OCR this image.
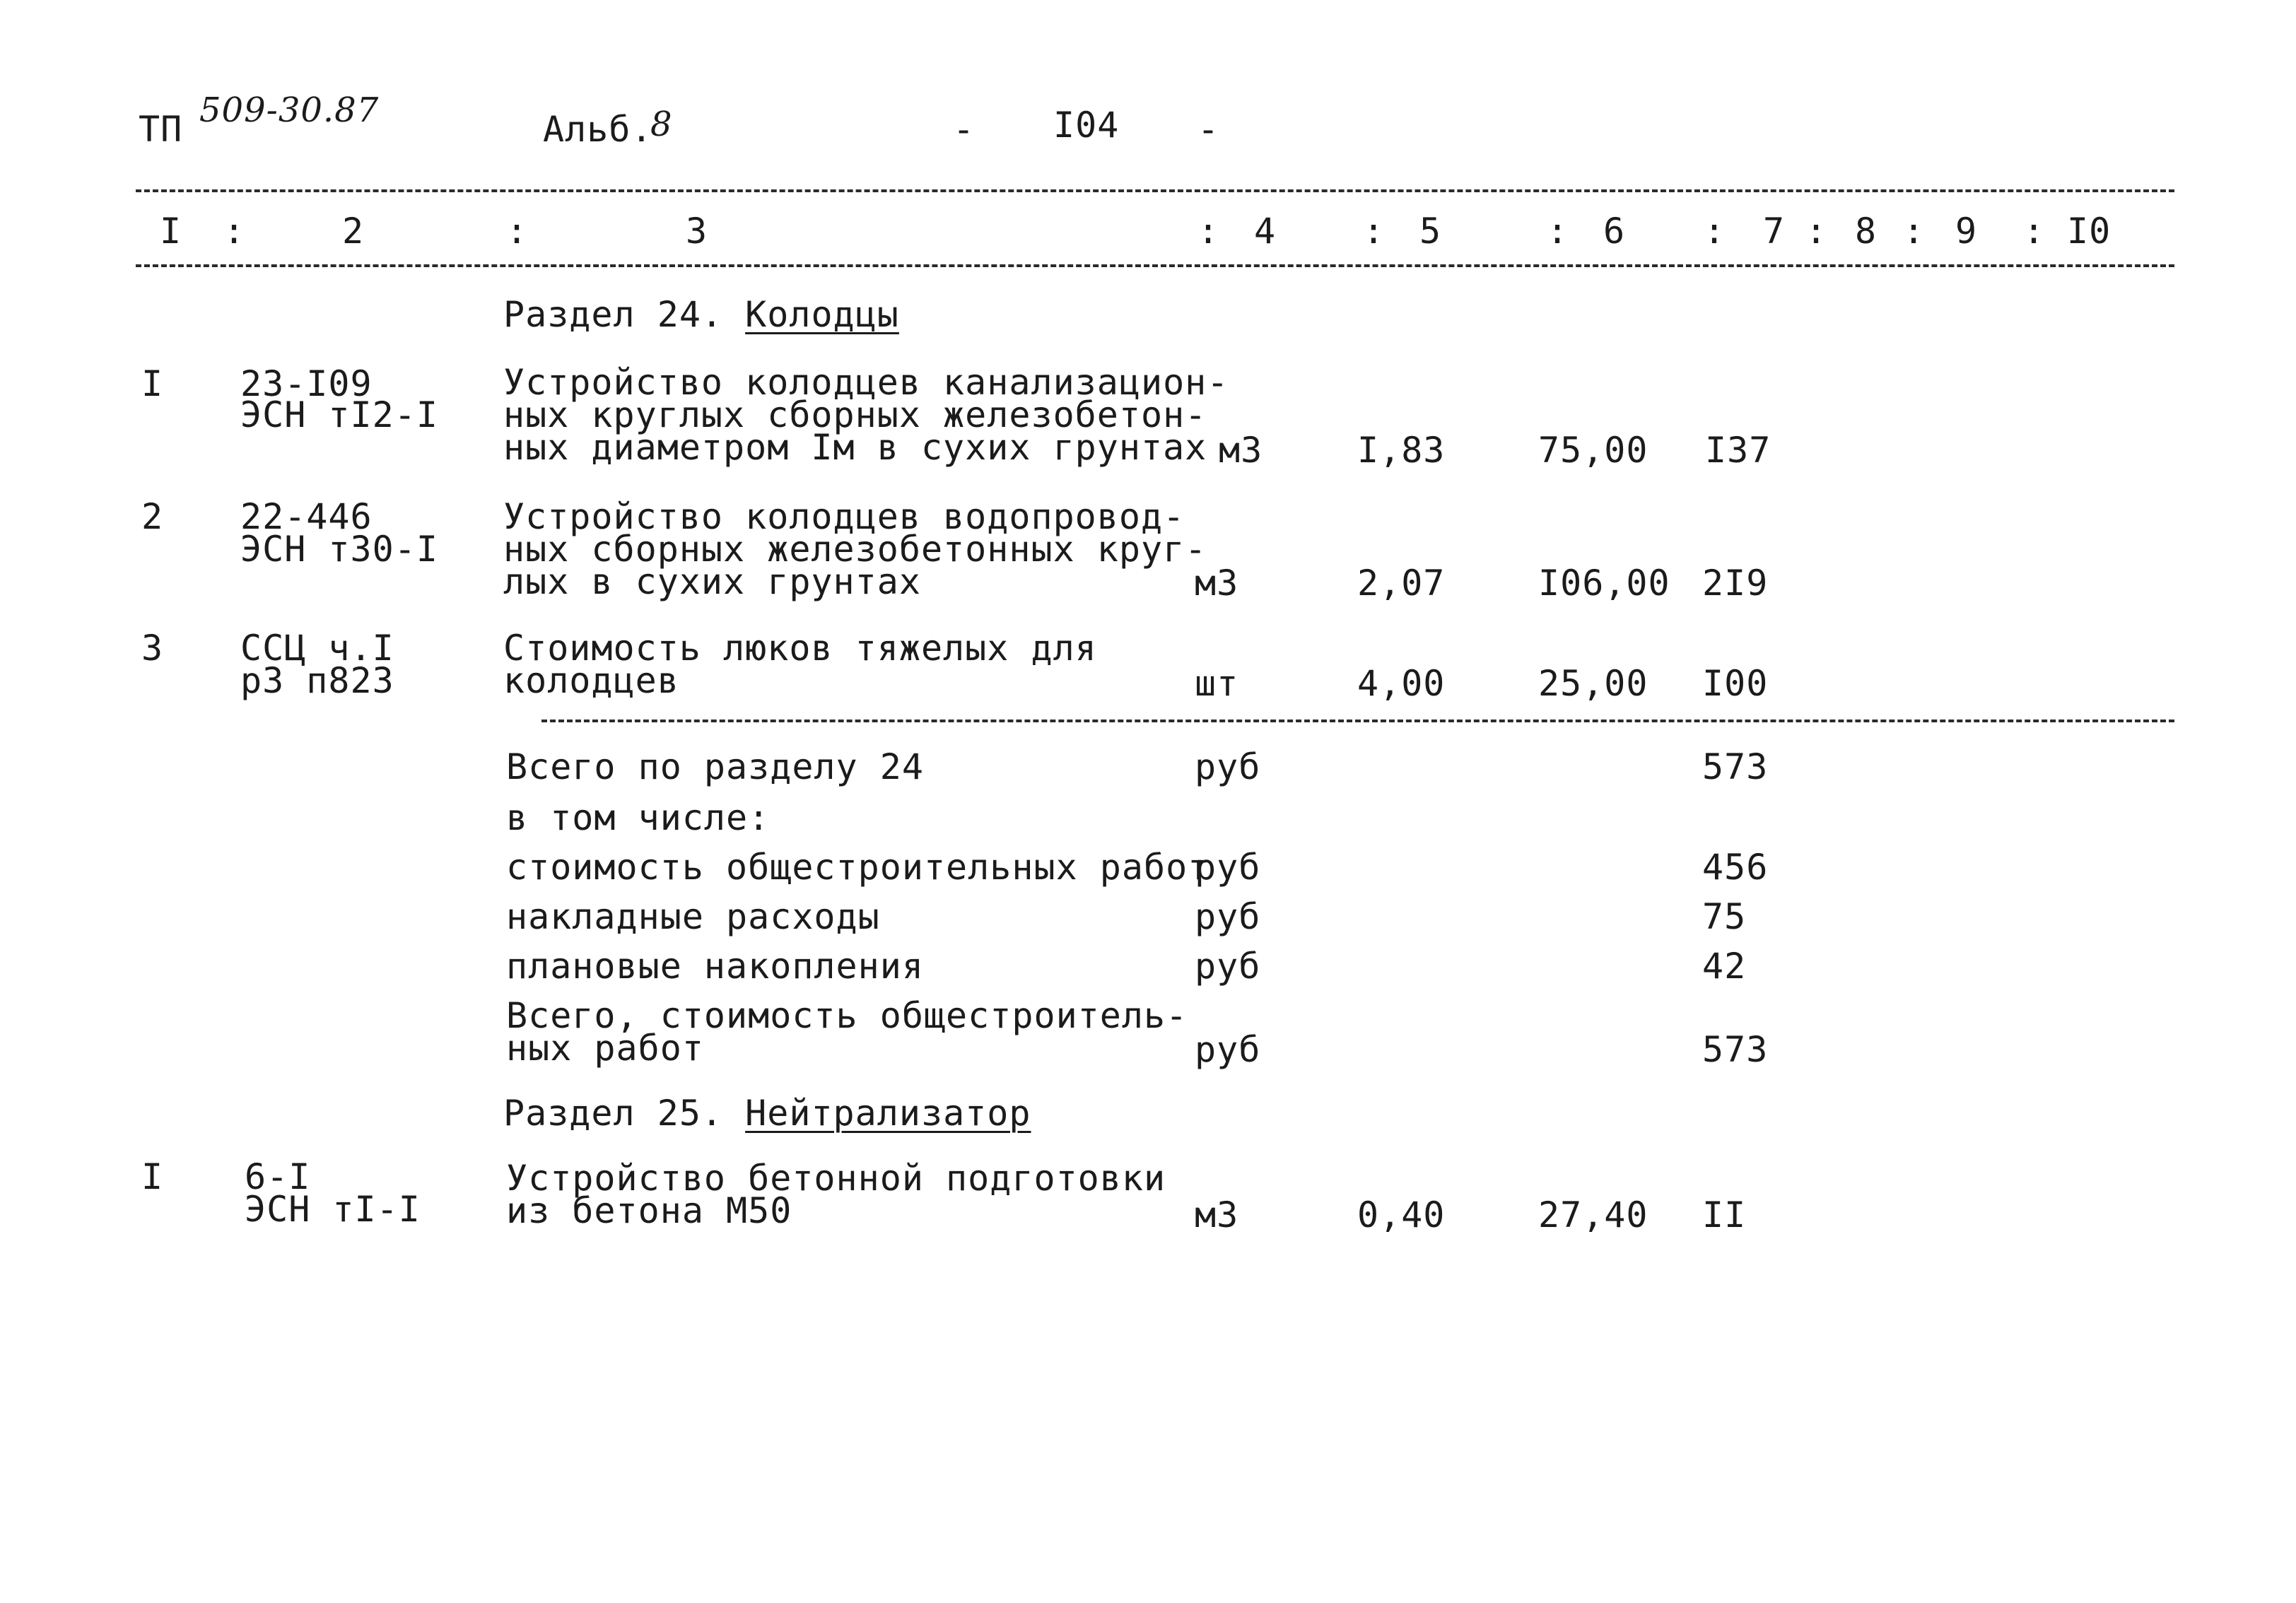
ТП 509-30.87	Альб.
8	- I04 -
I :	2	:	3	: 4 : 5	: 6 : 7 : 8 : 9 : I0
Раздел 24. Колодцы
I 23-I09
ЭСН тI2-I
Устройство колодцев канализацион-
ных круглых сборных железобетон-
ных диаметром Iм в сухих грунтах м3	I,83	75,00 I37
2 22-446
ЭСН т30-I
Устройство колодцев водопровод-
ных сборных железобетонных круг-
лых в сухих грунтах	м3	2,07	I06,00 2I9
3 ССЦ ч.I
р3 п823
Стоимость люков тяжелых для
колодцев	шт	4,00	25,00 I00
Всего по разделу 24	руб	573
в том числе:
стоимость общестроительных работ
руб	456
накладные расходы	руб	75
плановые накопления	руб	42
Всего, стоимость общестроитель-
ных работ	руб	573
Раздел 25. Нейтрализатор
I 6-I
ЭСН тI-I
Устройство бетонной подготовки
из бетона М50	м3	0,40	27,40 II
